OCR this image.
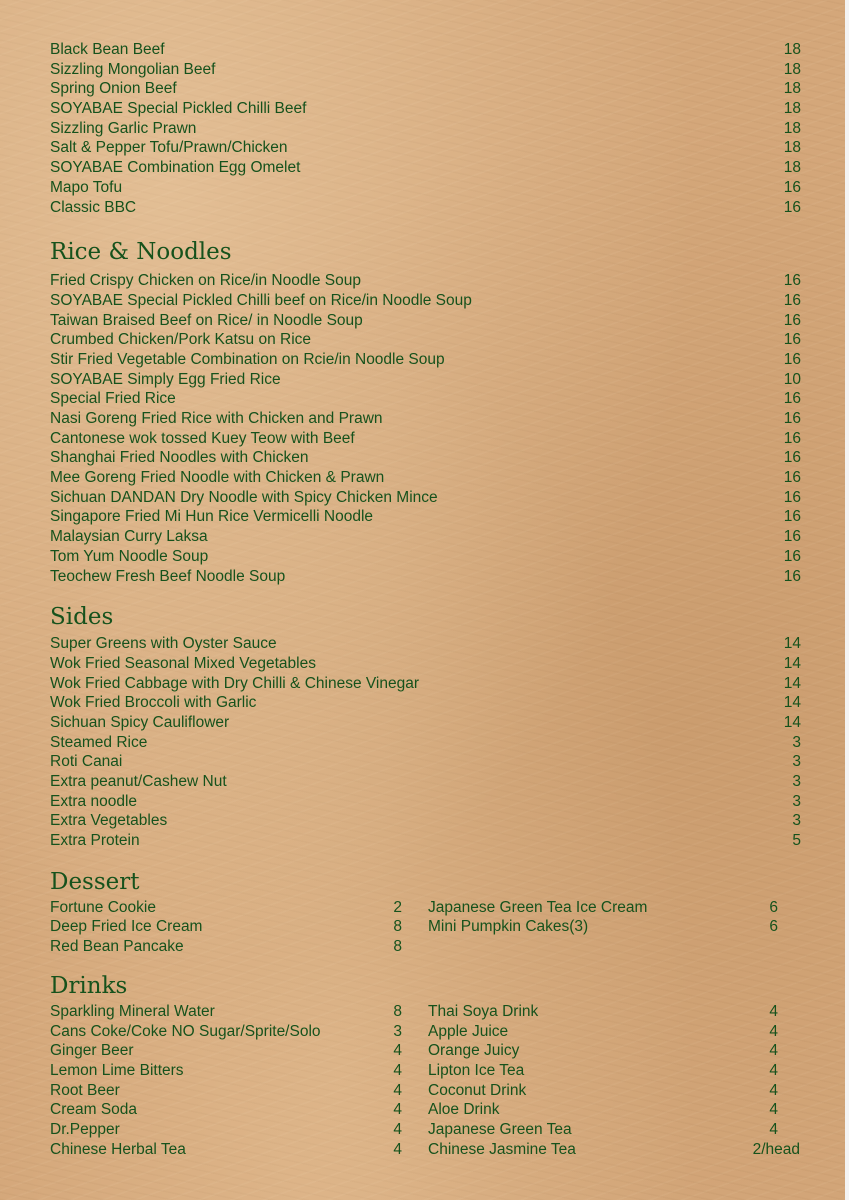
Black Bean Beef	18
Sizzling Mongolian Beef	18
Spring Onion Beef	18
SOYABAE Special Pickled Chilli Beef	18
Sizzling Garlic Prawn	18
Salt & Pepper Tofu/Prawn/Chicken	18
SOYABAE Combination Egg Omelet	18
Mapo Tofu	16
Classic BBC	16
Rice & Noodles
Fried Crispy Chicken on Rice/in Noodle Soup	16
SOYABAE Special Pickled Chilli beef on Rice/in Noodle Soup	16
Taiwan Braised Beef on Rice/ in Noodle Soup	16
Crumbed Chicken/Pork Katsu on Rice	16
Stir Fried Vegetable Combination on Rcie/in Noodle Soup	16
SOYABAE Simply Egg Fried Rice	10
Special Fried Rice	16
Nasi Goreng Fried Rice with Chicken and Prawn	16
Cantonese wok tossed Kuey Teow with Beef	16
Shanghai Fried Noodles with Chicken	16
Mee Goreng Fried Noodle with Chicken & Prawn	16
Sichuan DANDAN Dry Noodle with Spicy Chicken Mince	16
Singapore Fried Mi Hun Rice Vermicelli Noodle	16
Malaysian Curry Laksa	16
Tom Yum Noodle Soup	16
Teochew Fresh Beef Noodle Soup	16
Sides
Super Greens with Oyster Sauce	14
Wok Fried Seasonal Mixed Vegetables	14
Wok Fried Cabbage with Dry Chilli & Chinese Vinegar	14
Wok Fried Broccoli with Garlic	14
Sichuan Spicy Cauliflower	14
Steamed Rice	3
Roti Canai	3
Extra peanut/Cashew Nut	3
Extra noodle	3
Extra Vegetables	3
Extra Protein	5
Dessert
Fortune Cookie	2
Deep Fried Ice Cream	8
Red Bean Pancake	8
Japanese Green Tea Ice Cream	6
Mini Pumpkin Cakes(3)	6
Drinks
Sparkling Mineral Water	8
Cans Coke/Coke NO Sugar/Sprite/Solo	3
Ginger Beer	4
Lemon Lime Bitters	4
Root Beer	4
Cream Soda	4
Dr.Pepper	4
Chinese Herbal Tea	4
Thai Soya Drink	4
Apple Juice	4
Orange Juicy	4
Lipton Ice Tea	4
Coconut Drink	4
Aloe Drink	4
Japanese Green Tea	4
Chinese Jasmine Tea	2/head
